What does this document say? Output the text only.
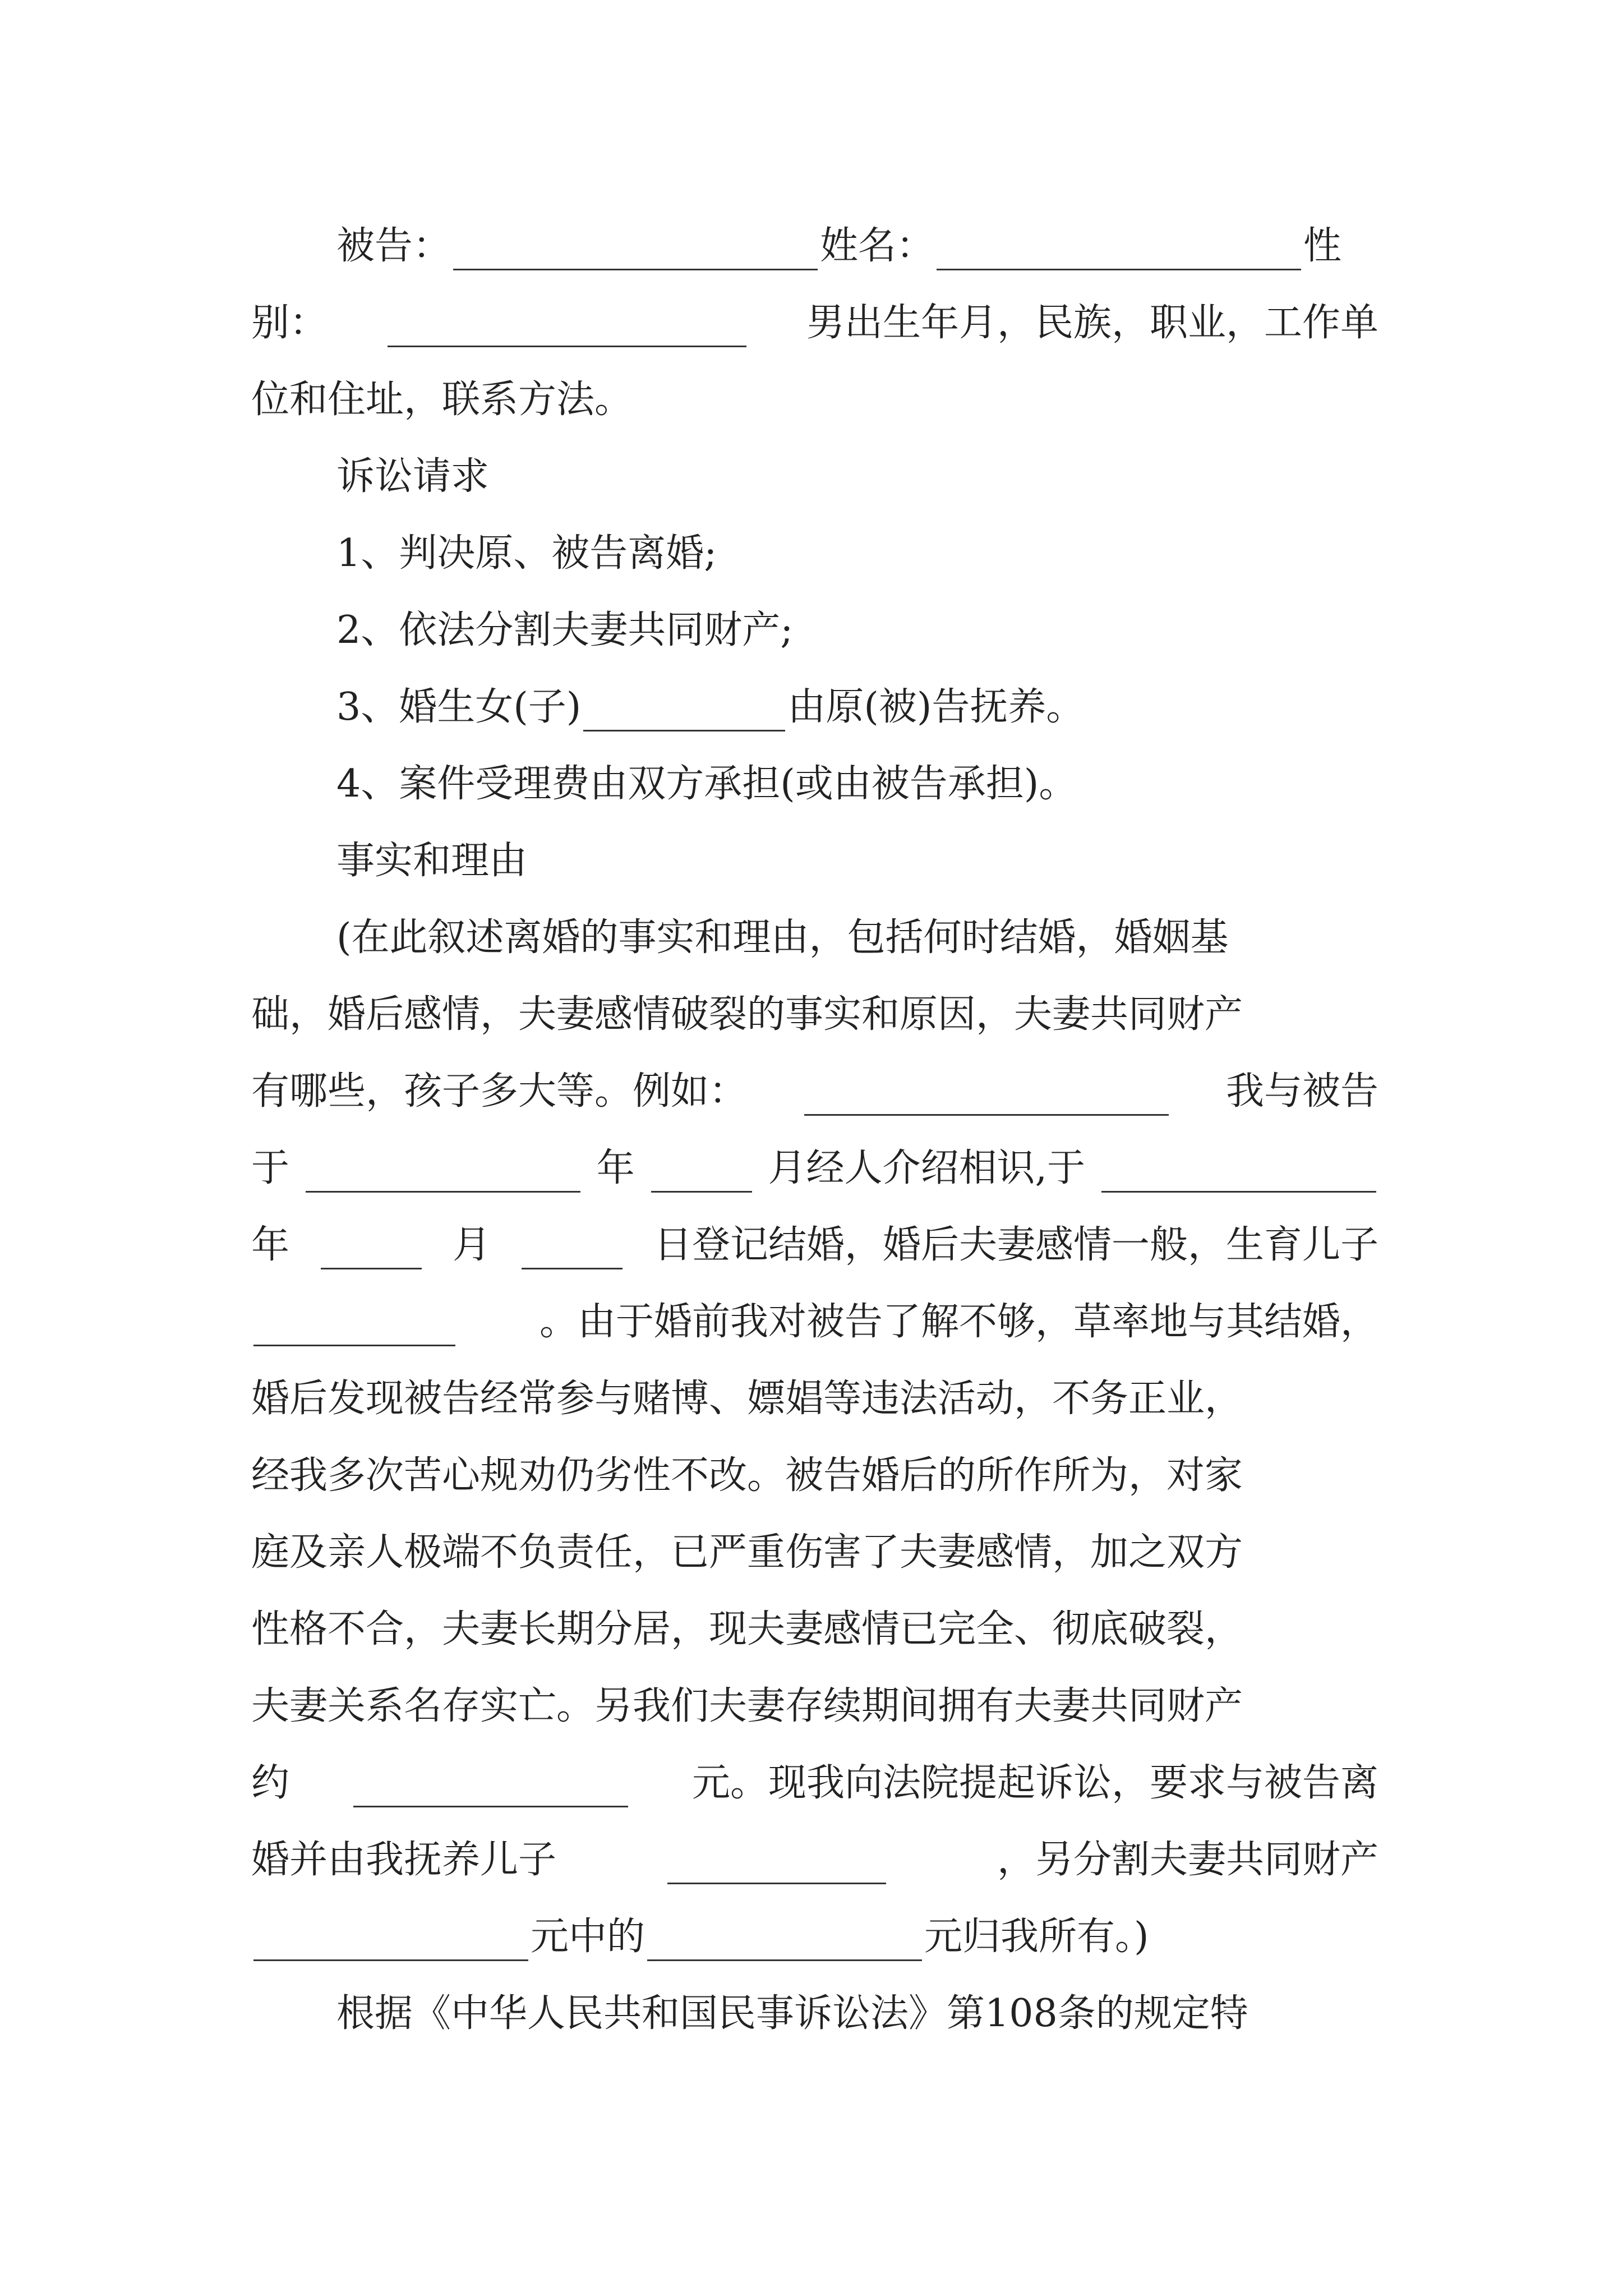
被告：	姓名：	性
别：	男出生年月，民族，职业，工作单
位和住址，联系方法。
诉讼请求
1、判决原、被告离婚;
2、依法分割夫妻共同财产;
3、婚生女(子)	由原(被)告抚养。
4、案件受理费由双方承担(或由被告承担)。
事实和理由
(在此叙述离婚的事实和理由，包括何时结婚，婚姻基
础，婚后感情，夫妻感情破裂的事实和原因，夫妻共同财产
有哪些，孩子多大等。例如：	我与被告
于	年	月经人介绍相识,于
年	月	日登记结婚，婚后夫妻感情一般，生育儿子
。由于婚前我对被告了解不够，草率地与其结婚，
婚后发现被告经常参与赌博、嫖娼等违法活动，不务正业，
经我多次苦心规劝仍劣性不改。被告婚后的所作所为，对家
庭及亲人极端不负责任，已严重伤害了夫妻感情，加之双方
性格不合，夫妻长期分居，现夫妻感情已完全、彻底破裂，
夫妻关系名存实亡。另我们夫妻存续期间拥有夫妻共同财产
约	元。现我向法院提起诉讼，要求与被告离
婚并由我抚养儿子	，另分割夫妻共同财产
元中的	元归我所有。)
根据《中华人民共和国民事诉讼法》第108条的规定特
